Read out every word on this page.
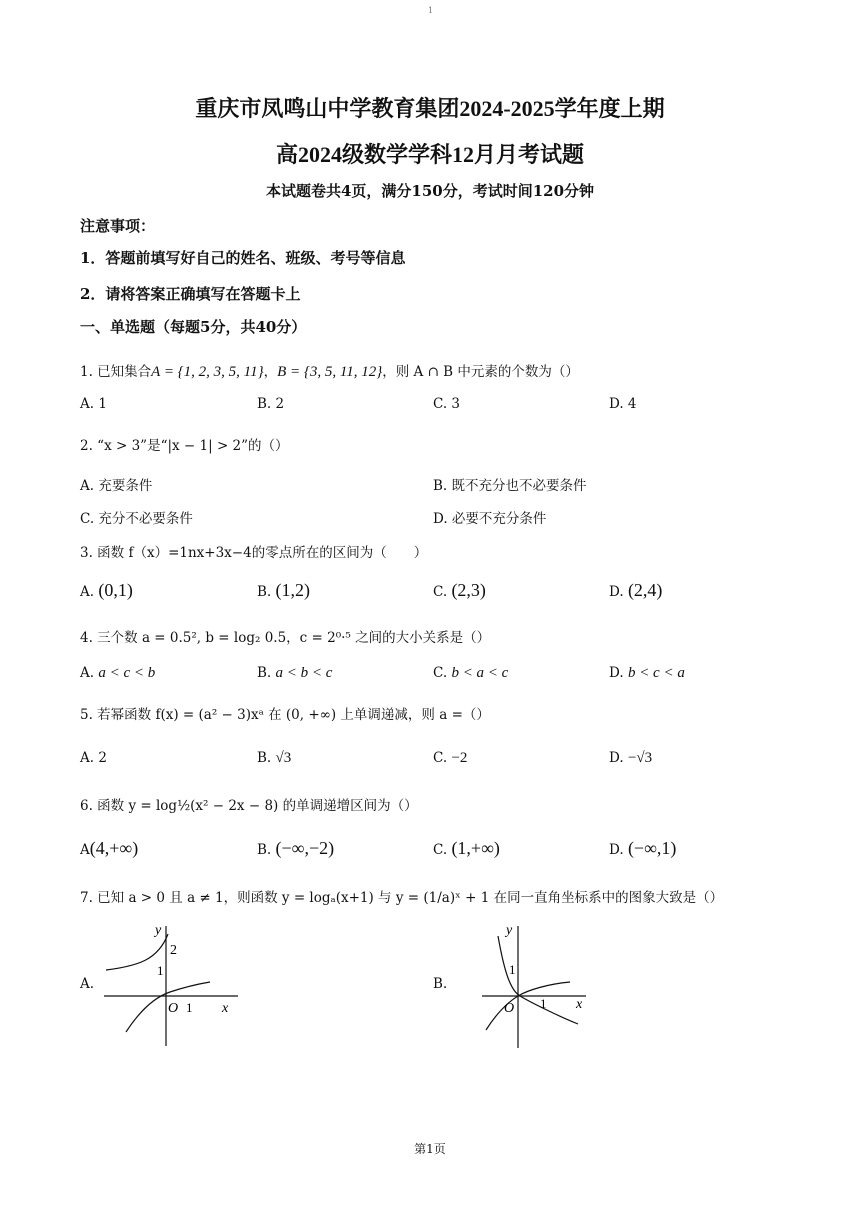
1
重庆市凤鸣山中学教育集团2024-2025学年度上期
高2024级数学学科12月月考试题
本试题卷共4页，满分150分，考试时间120分钟
注意事项：
1．答题前填写好自己的姓名、班级、考号等信息
2．请将答案正确填写在答题卡上
一、单选题（每题5分，共40分）
1. 已知集合A = {1, 2, 3, 5, 11}，B = {3, 5, 11, 12}，则 A ∩ B 中元素的个数为（）
A. 1	B. 2	C. 3	D. 4
2. “x > 3”是“|x − 1| > 2”的（）
A. 充要条件	B. 既不充分也不必要条件
C. 充分不必要条件	D. 必要不充分条件
3. 函数 f（x）=1nx+3x−4的零点所在的区间为（　　）
A. (0,1)	B. (1,2)	C. (2,3)	D. (2,4)
4. 三个数 a = 0.5², b = log₂ 0.5，c = 2⁰·⁵ 之间的大小关系是（）
A. a < c < b	B. a < b < c	C. b < a < c	D. b < c < a
5. 若幂函数 f(x) = (a² − 3)xᵃ 在 (0, +∞) 上单调递减，则 a =（）
A. 2	B. √3	C. −2	D. −√3
6. 函数 y = log½(x² − 2x − 8) 的单调递增区间为（）
A(4,+∞)	B. (−∞,−2)	C. (1,+∞)	D. (−∞,1)
7. 已知 a > 0 且 a ≠ 1，则函数 y = logₐ(x+1) 与 y = (1/a)ˣ + 1 在同一直角坐标系中的图象大致是（）
A.
y
2
1
O 1 x
B.
y
1
O 1 x
第1页
